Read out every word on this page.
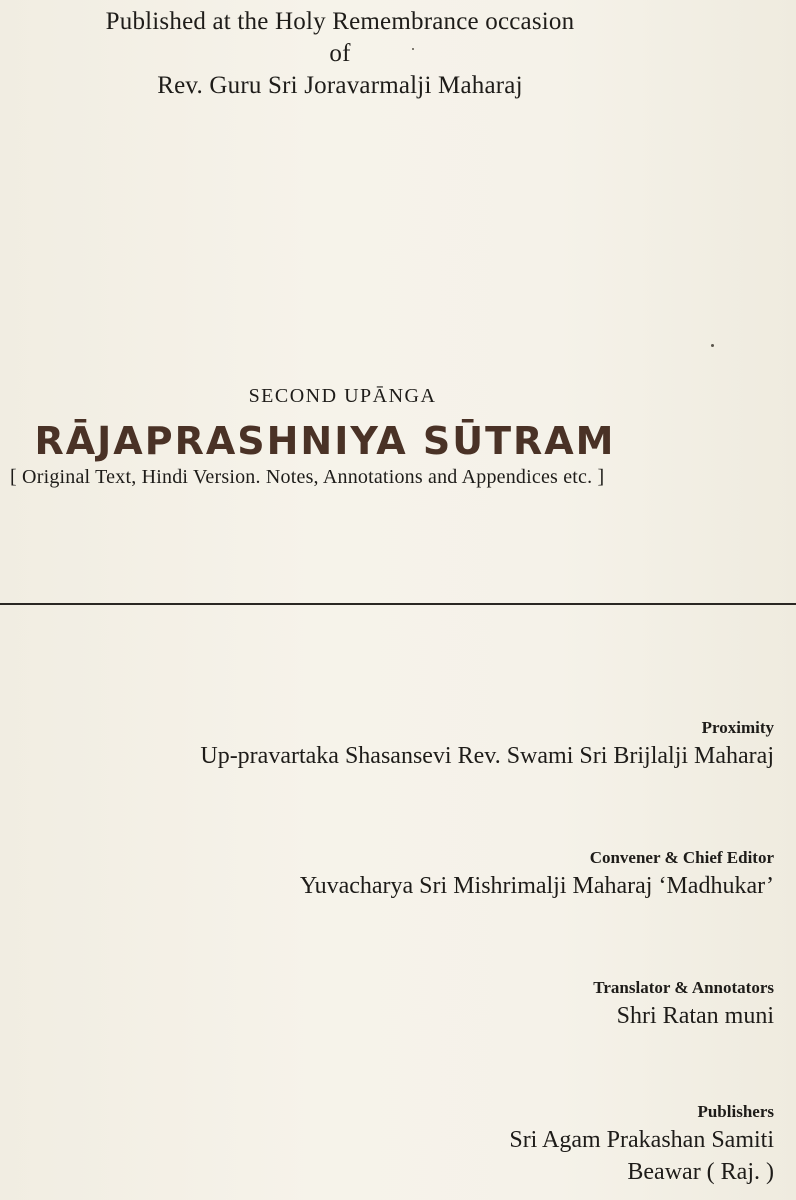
Published at the Holy Remembrance occasion
of
Rev. Guru Sri Joravarmalji Maharaj
SECOND UPĀNGA
RĀJAPRASHNIYA SŪTRAM
[ Original Text, Hindi Version. Notes, Annotations and Appendices etc. ]
Proximity
Up-pravartaka Shasansevi Rev. Swami Sri Brijlalji Maharaj
Convener & Chief Editor
Yuvacharya Sri Mishrimalji Maharaj ‘Madhukar’
Translator & Annotators
Shri Ratan muni
Publishers
Sri Agam Prakashan Samiti
Beawar ( Raj. )
